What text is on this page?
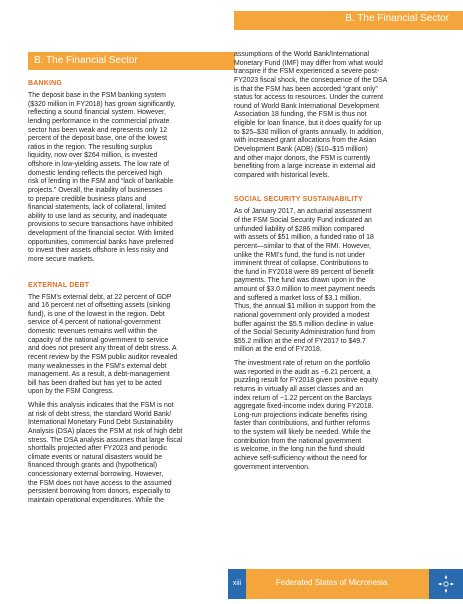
B. The Financial Sector
B. The Financial Sector
BANKING

The deposit base in the FSM banking system
($320 million in FY2018) has grown significantly,
reflecting a sound financial system. However,
lending performance in the commercial private
sector has been weak and represents only 12
percent of the deposit base, one of the lowest
ratios in the region. The resulting surplus
liquidity, now over $264 million, is invested
offshore in low-yielding assets. The low rate of
domestic lending reflects the perceived high
risk of lending in the FSM and “lack of bankable
projects.” Overall, the inability of businesses
to prepare credible business plans and
financial statements, lack of collateral, limited
ability to use land as security, and inadequate
provisions to secure transactions have inhibited
development of the financial sector. With limited
opportunities, commercial banks have preferred
to invest their assets offshore in less risky and
more secure markets.

EXTERNAL DEBT

The FSM’s external debt, at 22 percent of GDP
and 16 percent net of offsetting assets (sinking
fund), is one of the lowest in the region. Debt
service of 4 percent of national-government
domestic revenues remains well within the
capacity of the national government to service
and does not present any threat of debt stress. A
recent review by the FSM public auditor revealed
many weaknesses in the FSM’s external debt
management. As a result, a debt-management
bill has been drafted but has yet to be acted
upon by the FSM Congress.

While this analysis indicates that the FSM is not
at risk of debt stress, the standard World Bank/
International Monetary Fund Debt Sustainability
Analysis (DSA) places the FSM at risk of high debt
stress. The DSA analysis assumes that large fiscal
shortfalls projected after FY2023 and periodic
climate events or natural disasters would be
financed through grants and (hypothetical)
concessionary external borrowing. However,
the FSM does not have access to the assumed
persistent borrowing from donors, especially to
maintain operational expenditures. While the

assumptions of the World Bank/International
Monetary Fund (IMF) may differ from what would
transpire if the FSM experienced a severe post-
FY2023 fiscal shock, the consequence of the DSA
is that the FSM has been accorded “grant only”
status for access to resources. Under the current
round of World Bank International Development
Association 18 funding, the FSM is thus not
eligible for loan finance, but it does qualify for up
to $25–$30 million of grants annually. In addition,
with increased grant allocations from the Asian
Development Bank (ADB) ($10–$15 million)
and other major donors, the FSM is currently
benefiting from a large increase in external aid
compared with historical levels.

SOCIAL SECURITY SUSTAINABILITY

As of January 2017, an actuarial assessment
of the FSM Social Security Fund indicated an
unfunded liability of $286 million compared
with assets of $51 million, a funded ratio of 18
percent—similar to that of the RMI. However,
unlike the RMI’s fund, the fund is not under
imminent threat of collapse. Contributions to
the fund in FY2018 were 89 percent of benefit
payments. The fund was drawn upon in the
amount of $3.0 million to meet payment needs
and suffered a market loss of $3.1 million.
Thus, the annual $1 million in support from the
national government only provided a modest
buffer against the $5.5 million decline in value
of the Social Security Administration fund from
$55.2 million at the end of FY2017 to $49.7
million at the end of FY2018.

The investment rate of return on the portfolio
was reported in the audit as −6.21 percent, a
puzzling result for FY2018 given positive equity
returns in virtually all asset classes and an
index return of −1.22 percent on the Barclays
aggregate fixed-income index during FY2018.
Long-run projections indicate benefits rising
faster than contributions, and further reforms
to the system will likely be needed. While the
contribution from the national government
is welcome, in the long run the fund should
achieve self-sufficiency without the need for
government intervention.

xiii	Federated States of Micronesia
